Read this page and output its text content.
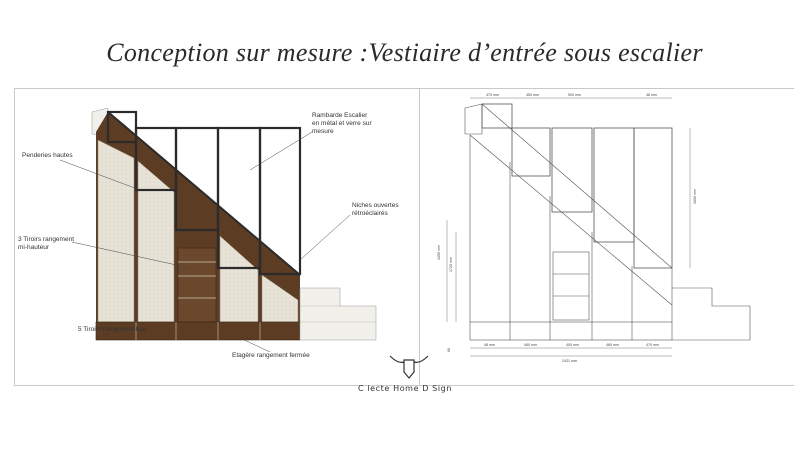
Conception sur mesure :Vestiaire d’entrée sous escalier
470 mm	450 mm	500 mm	48 mm
48 mm	460 mm	400 mm	460 mm	470 mm
2431 mm
1350 mm
1720 mm
1600 mm
60
Rambarde Escalier en métal et verre sur mesure
Penderies hautes
Niches ouvertes rétroéclairés
3 Tiroirs rangement mi-hauteur
5 Tiroirs rangement bas
Etagère rangement fermée
C lecte Home D Sign
